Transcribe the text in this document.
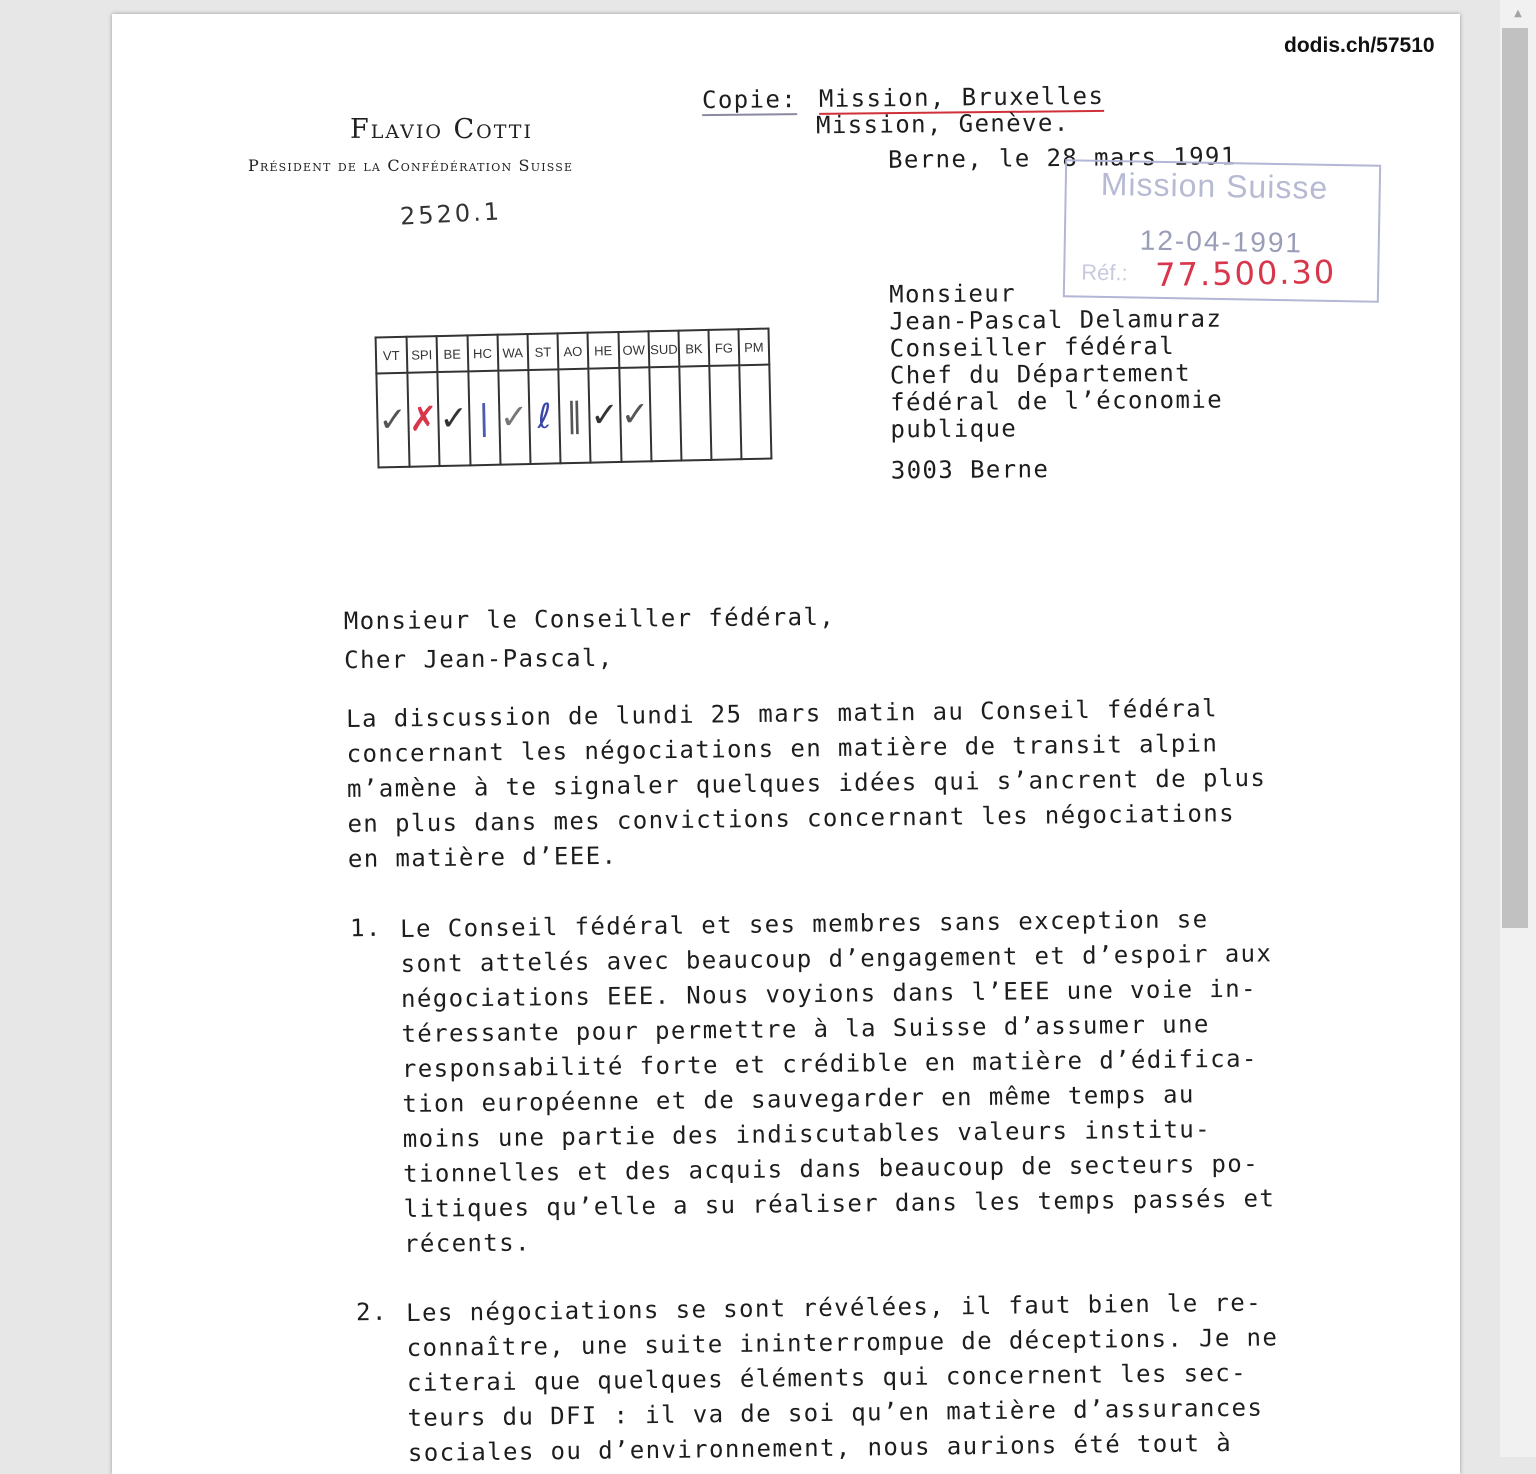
dodis.ch/57510
Flavio Cotti
Président de la Confédération Suisse
2520.1
Copie: Mission, Bruxelles
Mission, Genève.
Berne, le 28 mars 1991
Mission Suisse
12-04-1991
Réf.: 77.500.30
VT	SPI	BE	HC	WA	ST	AO	HE	OW	SUD	BK	FG	PM
✓	✗	✓	|	✓	ℓ	∥	✓	✓				
Monsieur
Jean-Pascal Delamuraz
Conseiller fédéral
Chef du Département
fédéral de l’économie
publique
3003 Berne
Monsieur le Conseiller fédéral,
Cher Jean-Pascal,
La discussion de lundi 25 mars matin au Conseil fédéral
concernant les négociations en matière de transit alpin
m’amène à te signaler quelques idées qui s’ancrent de plus
en plus dans mes convictions concernant les négociations
en matière d’EEE.
1. Le Conseil fédéral et ses membres sans exception se
sont attelés avec beaucoup d’engagement et d’espoir aux
négociations EEE. Nous voyions dans l’EEE une voie in-
téressante pour permettre à la Suisse d’assumer une
responsabilité forte et crédible en matière d’édifica-
tion européenne et de sauvegarder en même temps au
moins une partie des indiscutables valeurs institu-
tionnelles et des acquis dans beaucoup de secteurs po-
litiques qu’elle a su réaliser dans les temps passés et
récents.
2. Les négociations se sont révélées, il faut bien le re-
connaître, une suite ininterrompue de déceptions. Je ne
citerai que quelques éléments qui concernent les sec-
teurs du DFI : il va de soi qu’en matière d’assurances
sociales ou d’environnement, nous aurions été tout à
▲
